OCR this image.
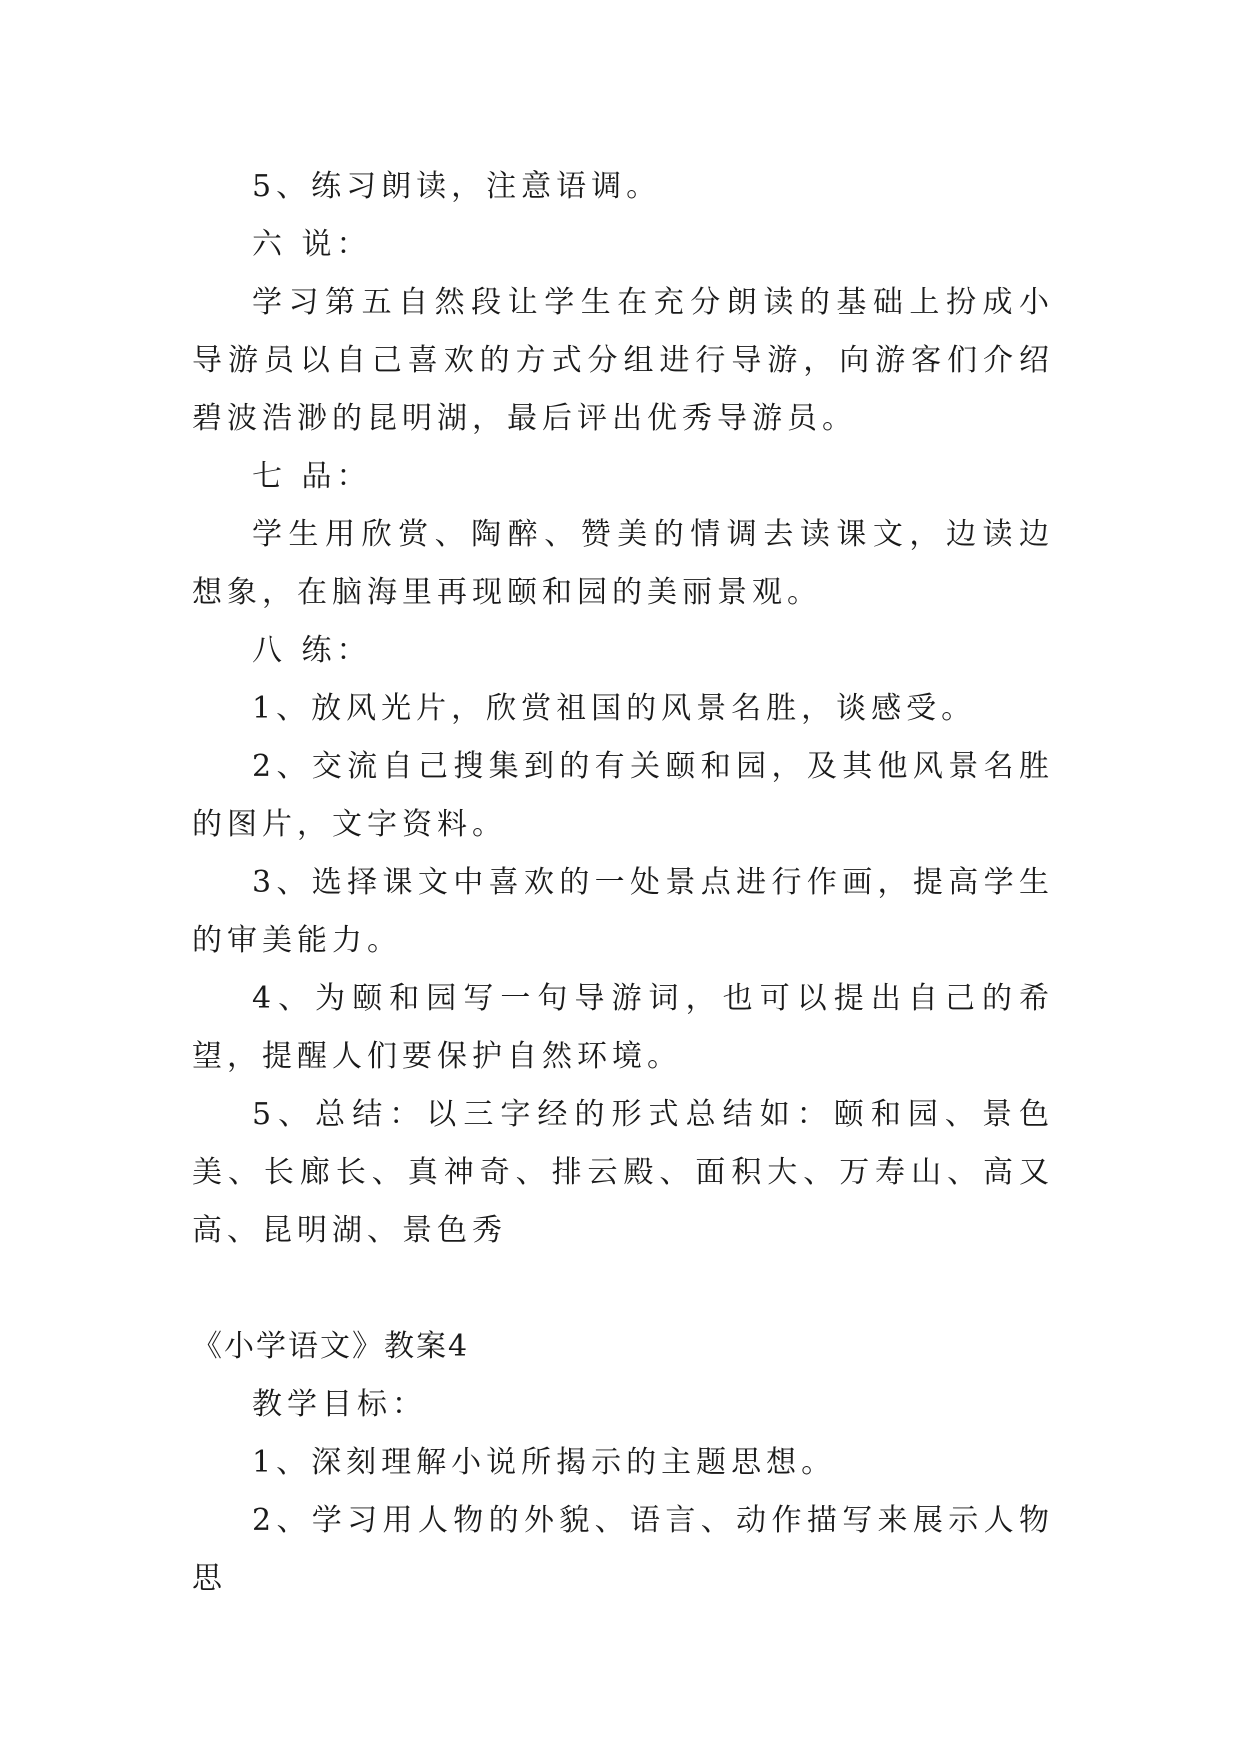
5、练习朗读，注意语调。

六 说：

学习第五自然段让学生在充分朗读的基础上扮成小导游员以自己喜欢的方式分组进行导游，向游客们介绍碧波浩渺的昆明湖，最后评出优秀导游员。

七 品：

学生用欣赏、陶醉、赞美的情调去读课文，边读边想象，在脑海里再现颐和园的美丽景观。

八 练：

1、放风光片，欣赏祖国的风景名胜，谈感受。

2、交流自己搜集到的有关颐和园，及其他风景名胜的图片，文字资料。

3、选择课文中喜欢的一处景点进行作画，提高学生的审美能力。

4、为颐和园写一句导游词，也可以提出自己的希望，提醒人们要保护自然环境。

5、总结：以三字经的形式总结如：颐和园、景色美、长廊长、真神奇、排云殿、面积大、万寿山、高又高、昆明湖、景色秀

《小学语文》教案4

教学目标：

1、深刻理解小说所揭示的主题思想。

2、学习用人物的外貌、语言、动作描写来展示人物思
